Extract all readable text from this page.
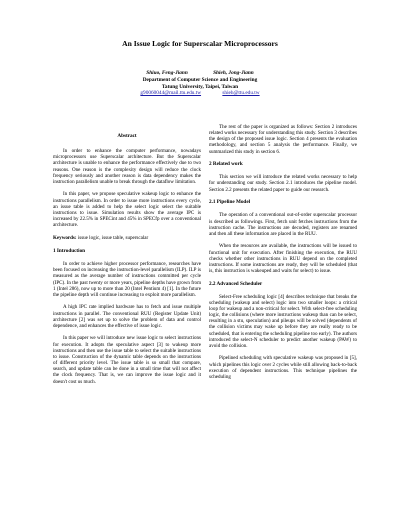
An Issue Logic for Superscalar Microprocessors
Shiuo, Feng-Jiann	Shieh, Jong-Jiann
Department of Computer Science and Engineering
Tatung University, Taipei, Taiwan
g90060044@mail.ttu.edu.tw	shieh@ttu.edu.tw
Abstract

In order to enhance the computer performance, nowadays microprocessors use Superscalar architecture. But the Superscalar architecture is unable to enhance the performance effectively due to two reasons. One reason is the complexity design will reduce the clock frequency seriously and another reason is data dependency makes the instruction parallelism unable to break through the dataflow limitation.

In this paper, we propose speculative wakeup logic to enhance the instructions parallelism. In order to issue more instructions every cycle, an issue table is added to help the select logic select the suitable instructions to issue. Simulation results show the average IPC is increased by 22.5% in SPECint and 45% in SPECfp over a conventional architecture.

Keywords: issue logic, issue table, superscalar

1 Introduction

In order to achieve higher processor performance, researches have been focused on increasing the instruction-level parallelism (ILP). ILP is measured as the average number of instructions committed per cycle (IPC). In the past twenty or more years, pipeline depths have grown from 1 (Intel 286), now up to more than 20 (Intel Pentium 4) [1]. In the future the pipeline depth will continue increasing to exploit more parallelism.

A high IPC rate implied hardware has to fetch and issue multiple instructions in parallel. The conventional RUU (Register Update Unit) architecture [2] was set up to solve the problem of data and control dependence, and enhances the effective of issue logic.

In this paper we will introduce new issue logic to select instructions for execution. It adopts the speculative aspect [3] to wakeup more instructions and then use the issue table to select the suitable instructions to issue. Construction of the dynamic table depends on the instructions of different priority level. The issue table is so small that compare, search, and update table can be done in a small time that will not affect the clock frequency. That is, we can improve the issue logic and it doesn't cost us much.

The rest of the paper is organized as follows: Section 2 introduces related works necessary for understanding this study. Section 3 describes the design of the proposed issue logic. Section 4 presents the evaluation methodology, and section 5 analysis the performance. Finally, we summarized this study in section 6.

2 Related work

This section we will introduce the related works necessary to help for understanding our study. Section 2.1 introduces the pipeline model. Section 2.2 presents the related paper to guide our research.

2.1 Pipeline Model

The operation of a conventional out-of-order superscalar processor is described as followings. First, fetch unit fetches instructions from the instruction cache. The instructions are decoded, registers are renamed and then all these information are placed in the RUU.

When the resources are available, the instructions will be issued to functional unit for execution. After finishing the execution, the RUU checks whether other instructions in RUU depend on the completed instructions. If some instructions are ready, they will be scheduled (that is, this instruction is wakeuped and waits for select) to issue.

2.2 Advanced Scheduler

Select-Free scheduling logic [4] describes technique that breaks the scheduling (wakeup and select) logic into two smaller loops: a critical loop for wakeup and a non-critical for select. With select-free scheduling logic, the collisions (where more instructions wakeup than can be select, resulting in a stu, speculation) and pileups will be solved (dependents of the collision victims may wake up before they are really ready to be scheduled, that is entering the scheduling pipeline too early). The authors introduced the select-N scheduler to predict another wakeup (PAW) to avoid the collision.

Pipelined scheduling with speculative wakeup was proposed in [5], which pipelines this logic over 2 cycles while still allowing back-to-back execution of dependent instructions. This technique pipelines the scheduling
